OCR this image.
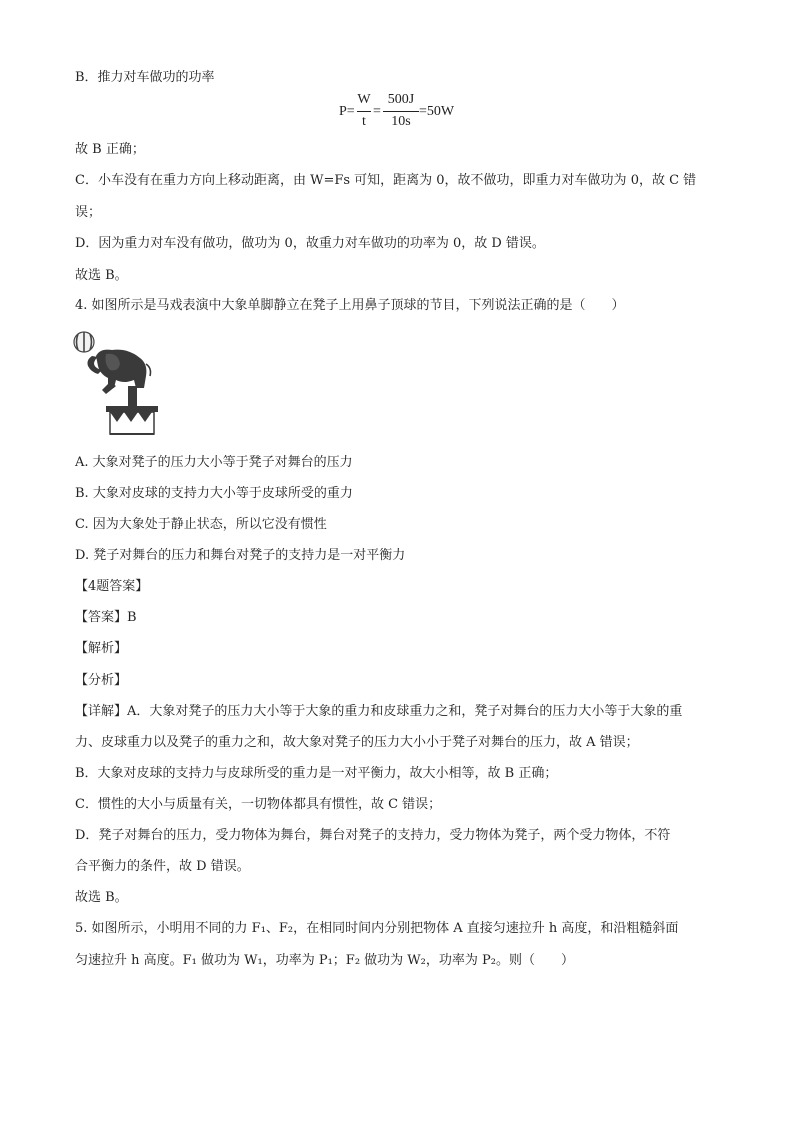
B．推力对车做功的功率
P=
W
t
=
500J
10s
=50W
故 B 正确；
C．小车没有在重力方向上移动距离，由 W=Fs 可知，距离为 0，故不做功，即重力对车做功为 0，故 C 错
误；
D．因为重力对车没有做功，做功为 0，故重力对车做功的功率为 0，故 D 错误。
故选 B。
4. 如图所示是马戏表演中大象单脚静立在凳子上用鼻子顶球的节目，下列说法正确的是（　　）
A. 大象对凳子的压力大小等于凳子对舞台的压力
B. 大象对皮球的支持力大小等于皮球所受的重力
C. 因为大象处于静止状态，所以它没有惯性
D. 凳子对舞台的压力和舞台对凳子的支持力是一对平衡力
【4题答案】
【答案】B
【解析】
【分析】
【详解】A．大象对凳子的压力大小等于大象的重力和皮球重力之和，凳子对舞台的压力大小等于大象的重
力、皮球重力以及凳子的重力之和，故大象对凳子的压力大小小于凳子对舞台的压力，故 A 错误；
B．大象对皮球的支持力与皮球所受的重力是一对平衡力，故大小相等，故 B 正确；
C．惯性的大小与质量有关，一切物体都具有惯性，故 C 错误；
D．凳子对舞台的压力，受力物体为舞台，舞台对凳子的支持力，受力物体为凳子，两个受力物体，不符
合平衡力的条件，故 D 错误。
故选 B。
5. 如图所示，小明用不同的力 F₁、F₂，在相同时间内分别把物体 A 直接匀速拉升 h 高度，和沿粗糙斜面
匀速拉升 h 高度。F₁ 做功为 W₁，功率为 P₁；F₂ 做功为 W₂，功率为 P₂。则（　　）
